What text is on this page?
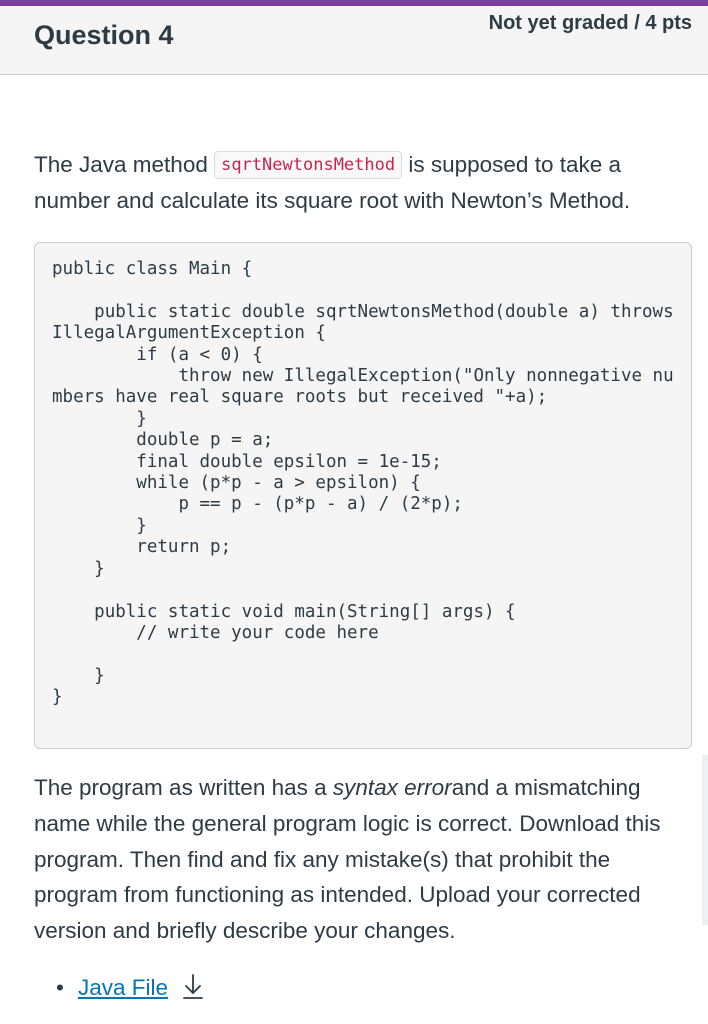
Question 4	Not yet graded / 4 pts

The Java method sqrtNewtonsMethod is supposed to take a number and calculate its square root with Newton’s Method.

public class Main {

public static double sqrtNewtonsMethod(double a) throws IllegalArgumentException {
if (a < 0) {
throw new IllegalException("Only nonnegative numbers have real square roots but received "+a);
}
double p = a;
final double epsilon = 1e-15;
while (p*p - a > epsilon) {
p == p - (p*p - a) / (2*p);
}
return p;
}

public static void main(String[] args) {
// write your code here

}
}

The program as written has a syntax errorand a mismatching name while the general program logic is correct. Download this program. Then find and fix any mistake(s) that prohibit the program from functioning as intended. Upload your corrected version and briefly describe your changes.

• Java File
